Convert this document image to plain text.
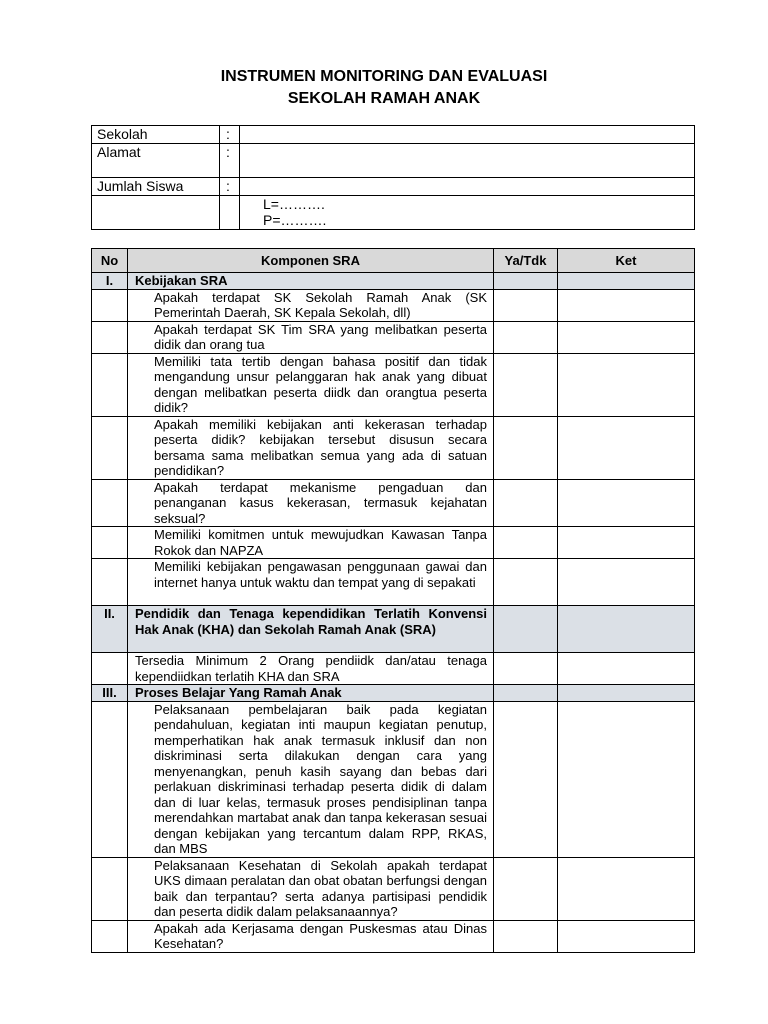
INSTRUMEN MONITORING DAN EVALUASI
SEKOLAH RAMAH ANAK
Sekolah	:	
Alamat	:	
Jumlah Siswa	:	

		L=……….
P=……….
No	Komponen SRA	Ya/Tdk	Ket
I.	Kebijakan SRA		
	Apakah terdapat SK Sekolah Ramah Anak (SK Pemerintah Daerah, SK Kepala Sekolah, dll)		
	Apakah terdapat SK Tim SRA yang melibatkan peserta didik dan orang tua		
	Memiliki tata tertib dengan bahasa positif dan tidak mengandung unsur pelanggaran hak anak yang dibuat dengan melibatkan peserta diidk dan orangtua peserta didik?		
	Apakah memiliki kebijakan anti kekerasan terhadap peserta didik? kebijakan tersebut disusun secara bersama sama melibatkan semua yang ada di satuan pendidikan?		
	Apakah terdapat mekanisme pengaduan dan penanganan kasus kekerasan, termasuk kejahatan seksual?		
	Memiliki komitmen untuk mewujudkan Kawasan Tanpa Rokok dan NAPZA		
	Memiliki kebijakan pengawasan penggunaan gawai dan internet hanya untuk waktu dan tempat yang di sepakati		
II.	Pendidik dan Tenaga kependidikan Terlatih Konvensi Hak Anak (KHA) dan Sekolah Ramah Anak (SRA)		
	Tersedia Minimum 2 Orang pendiidk dan/atau tenaga kependiidkan terlatih KHA dan SRA		
III.	Proses Belajar Yang Ramah Anak		
	Pelaksanaan pembelajaran baik pada kegiatan pendahuluan, kegiatan inti maupun kegiatan penutup, memperhatikan hak anak termasuk inklusif dan non diskriminasi serta dilakukan dengan cara yang menyenangkan, penuh kasih sayang dan bebas dari perlakuan diskriminasi terhadap peserta didik di dalam dan di luar kelas, termasuk proses pendisiplinan tanpa merendahkan martabat anak dan tanpa kekerasan sesuai dengan kebijakan yang tercantum dalam RPP, RKAS, dan MBS		
	Pelaksanaan Kesehatan di Sekolah apakah terdapat UKS dimaan peralatan dan obat obatan berfungsi dengan baik dan terpantau? serta adanya partisipasi pendidik dan peserta didik dalam pelaksanaannya?		
	Apakah ada Kerjasama dengan Puskesmas atau Dinas Kesehatan?		
